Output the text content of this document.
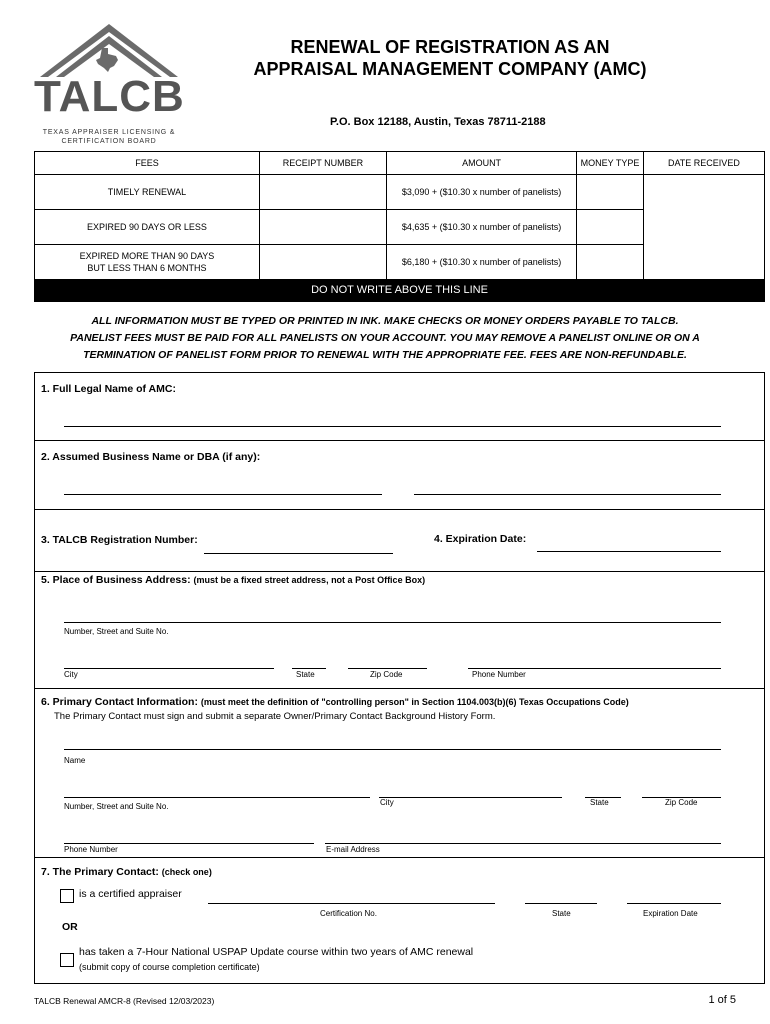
TALCB
TEXAS APPRAISER LICENSING &
CERTIFICATION BOARD
RENEWAL OF REGISTRATION AS AN
APPRAISAL MANAGEMENT COMPANY (AMC)
P.O. Box 12188, Austin, Texas 78711-2188
FEES	RECEIPT NUMBER	AMOUNT	MONEY TYPE	DATE RECEIVED
TIMELY RENEWAL		$3,090 + ($10.30 x number of panelists)		
EXPIRED 90 DAYS OR LESS		$4,635 + ($10.30 x number of panelists)		

EXPIRED MORE THAN 90 DAYS
BUT LESS THAN 6 MONTHS		$6,180 + ($10.30 x number of panelists)		
DO NOT WRITE ABOVE THIS LINE
ALL INFORMATION MUST BE TYPED OR PRINTED IN INK. MAKE CHECKS OR MONEY ORDERS PAYABLE TO TALCB.
PANELIST FEES MUST BE PAID FOR ALL PANELISTS ON YOUR ACCOUNT. YOU MAY REMOVE A PANELIST ONLINE OR ON A
TERMINATION OF PANELIST FORM PRIOR TO RENEWAL WITH THE APPROPRIATE FEE. FEES ARE NON-REFUNDABLE.
1. Full Legal Name of AMC:
2. Assumed Business Name or DBA (if any):
3. TALCB Registration Number:	4. Expiration Date:
5. Place of Business Address: (must be a fixed street address, not a Post Office Box)
Number, Street and Suite No.
City	State	Zip Code	Phone Number
6. Primary Contact Information: (must meet the definition of "controlling person" in Section 1104.003(b)(6) Texas Occupations Code)
The Primary Contact must sign and submit a separate Owner/Primary Contact Background History Form.
Name
Number, Street and Suite No.	City	State	Zip Code
Phone Number	E-mail Address
7. The Primary Contact: (check one)
is a certified appraiser
Certification No.	State	Expiration Date
OR
has taken a 7-Hour National USPAP Update course within two years of AMC renewal
(submit copy of course completion certificate)
TALCB Renewal AMCR-8 (Revised 12/03/2023)	1 of 5
